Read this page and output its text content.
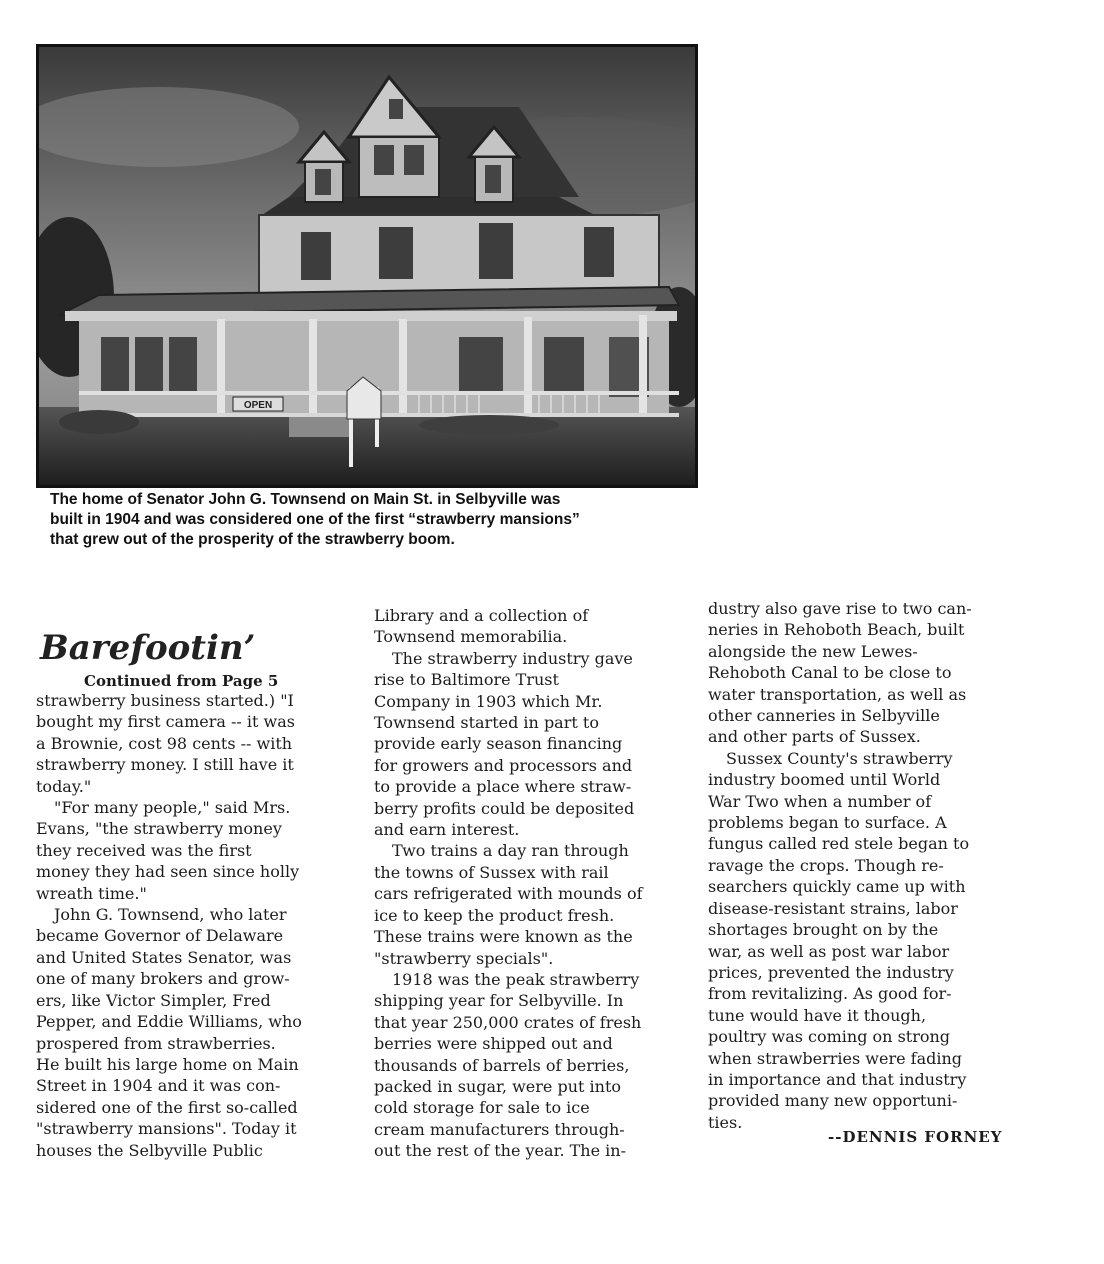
OPEN
The home of Senator John G. Townsend on Main St. in Selbyville was
built in 1904 and was considered one of the first “strawberry mansions”
that grew out of the prosperity of the strawberry boom.
Barefootin’
Continued from Page 5
strawberry business started.) "I
bought my first camera -- it was
a Brownie, cost 98 cents -- with
strawberry money. I still have it
today."
"For many people," said Mrs.
Evans, "the strawberry money
they received was the first
money they had seen since holly
wreath time."
John G. Townsend, who later
became Governor of Delaware
and United States Senator, was
one of many brokers and grow-
ers, like Victor Simpler, Fred
Pepper, and Eddie Williams, who
prospered from strawberries.
He built his large home on Main
Street in 1904 and it was con-
sidered one of the first so-called
"strawberry mansions". Today it
houses the Selbyville Public
Library and a collection of
Townsend memorabilia.
The strawberry industry gave
rise to Baltimore Trust
Company in 1903 which Mr.
Townsend started in part to
provide early season financing
for growers and processors and
to provide a place where straw-
berry profits could be deposited
and earn interest.
Two trains a day ran through
the towns of Sussex with rail
cars refrigerated with mounds of
ice to keep the product fresh.
These trains were known as the
"strawberry specials".
1918 was the peak strawberry
shipping year for Selbyville. In
that year 250,000 crates of fresh
berries were shipped out and
thousands of barrels of berries,
packed in sugar, were put into
cold storage for sale to ice
cream manufacturers through-
out the rest of the year. The in-
dustry also gave rise to two can-
neries in Rehoboth Beach, built
alongside the new Lewes-
Rehoboth Canal to be close to
water transportation, as well as
other canneries in Selbyville
and other parts of Sussex.
Sussex County's strawberry
industry boomed until World
War Two when a number of
problems began to surface. A
fungus called red stele began to
ravage the crops. Though re-
searchers quickly came up with
disease-resistant strains, labor
shortages brought on by the
war, as well as post war labor
prices, prevented the industry
from revitalizing. As good for-
tune would have it though,
poultry was coming on strong
when strawberries were fading
in importance and that industry
provided many new opportuni-
ties.
--DENNIS FORNEY
